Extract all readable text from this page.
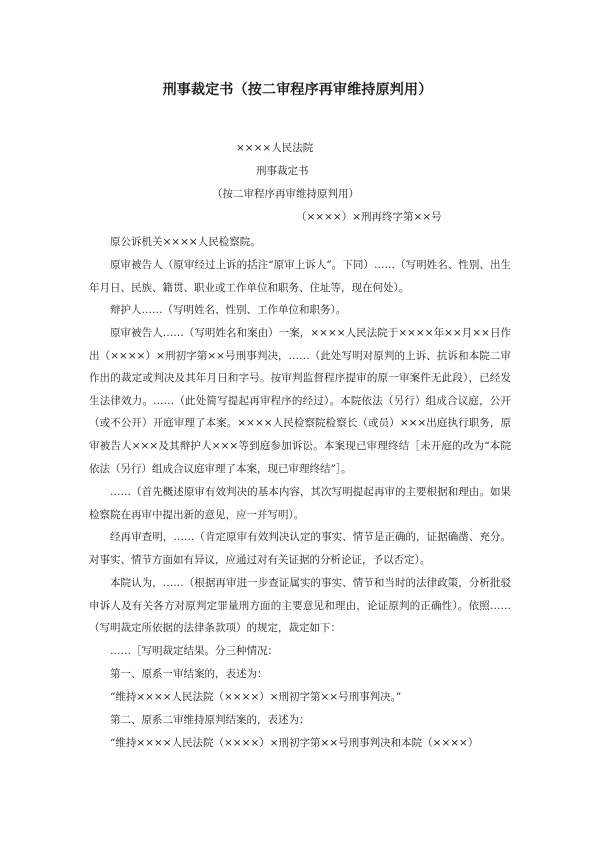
刑事裁定书（按二审程序再审维持原判用）
××××人民法院
刑事裁定书
（按二审程序再审维持原判用）
（××××）×刑再终字第××号

原公诉机关××××人民检察院。

原审被告人（原审经过上诉的括注“原审上诉人”。下同）……（写明姓名、性别、出生年月日、民族、籍贯、职业或工作单位和职务、住址等，现在何处）。

辩护人……（写明姓名、性别、工作单位和职务）。

原审被告人……（写明姓名和案由）一案，××××人民法院于××××年××月××日作出（××××）×刑初字第××号刑事判决，……（此处写明对原判的上诉、抗诉和本院二审作出的裁定或判决及其年月日和字号。按审判监督程序提审的原一审案件无此段），已经发生法律效力。……（此处简写提起再审程序的经过）。本院依法（另行）组成合议庭，公开（或不公开）开庭审理了本案。××××人民检察院检察长（或员）×××出庭执行职务，原审被告人×××及其辩护人×××等到庭参加诉讼。本案现已审理终结［未开庭的改为“本院依法（另行）组成合议庭审理了本案，现已审理终结”］。

……（首先概述原审有效判决的基本内容，其次写明提起再审的主要根据和理由。如果检察院在再审中提出新的意见，应一并写明）。

经再审查明，……（肯定原审有效判决认定的事实、情节是正确的，证据确凿、充分。对事实、情节方面如有异议，应通过对有关证据的分析论证，予以否定）。

本院认为，……（根据再审进一步查证属实的事实、情节和当时的法律政策，分析批驳申诉人及有关各方对原判定罪量刑方面的主要意见和理由，论证原判的正确性）。依照……（写明裁定所依据的法律条款项）的规定，裁定如下：

……［写明裁定结果。分三种情况：

第一、原系一审结案的，表述为：

“维持××××人民法院（××××）×刑初字第××号刑事判决。”

第二、原系二审维持原判结案的，表述为：

“维持××××人民法院（××××）×刑初字第××号刑事判决和本院（××××）
